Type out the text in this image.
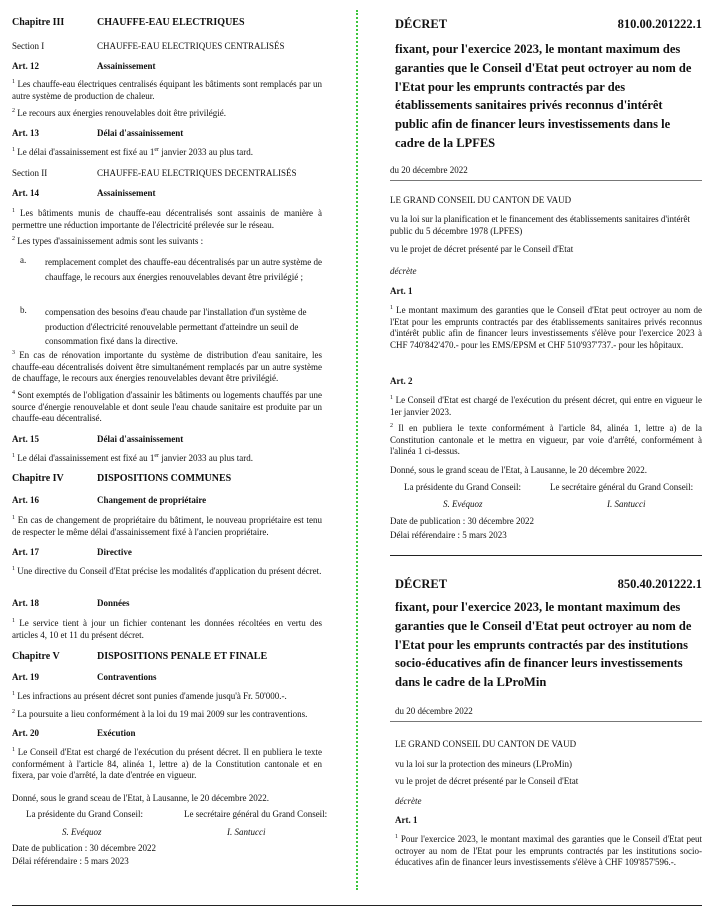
Chapitre III	CHAUFFE-EAU ELECTRIQUES
Section I	CHAUFFE-EAU ELECTRIQUES CENTRALISÉS
Art. 12	Assainissement
$^1$ Les chauffe-eau électriques centralisés équipant les bâtiments sont remplacés par un autre système de production de chaleur.
$^2$ Le recours aux énergies renouvelables doit être privilégié.
Art. 13	Délai d'assainissement
$^1$ Le délai d'assainissement est fixé au 1er janvier 2033 au plus tard.
Section II	CHAUFFE-EAU ELECTRIQUES DECENTRALISÉS
Art. 14	Assainissement
$^1$ Les bâtiments munis de chauffe-eau décentralisés sont assainis de manière à permettre une réduction importante de l'électricité prélevée sur le réseau.
$^2$ Les types d'assainissement admis sont les suivants :
a. remplacement complet des chauffe-eau décentralisés par un autre système de chauffage, le recours aux énergies renouvelables devant être privilégié ;
b. compensation des besoins d'eau chaude par l'installation d'un système de production d'électricité renouvelable permettant d'atteindre un seuil de consommation fixé dans la directive.
$^3$ En cas de rénovation importante du système de distribution d'eau sanitaire, les chauffe-eau décentralisés doivent être simultanément remplacés par un autre système de chauffage, le recours aux énergies renouvelables devant être privilégié.
$^4$ Sont exemptés de l'obligation d'assainir les bâtiments ou logements chauffés par une source d'énergie renouvelable et dont seule l'eau chaude sanitaire est produite par un chauffe-eau décentralisé.
Art. 15	Délai d'assainissement
$^1$ Le délai d'assainissement est fixé au 1er janvier 2033 au plus tard.
Chapitre IV	DISPOSITIONS COMMUNES
Art. 16	Changement de propriétaire
$^1$ En cas de changement de propriétaire du bâtiment, le nouveau propriétaire est tenu de respecter le même délai d'assainissement fixé à l'ancien propriétaire.
Art. 17	Directive
$^1$ Une directive du Conseil d'Etat précise les modalités d'application du présent décret.
Art. 18	Données
$^1$ Le service tient à jour un fichier contenant les données récoltées en vertu des articles 4, 10 et 11 du présent décret.
Chapitre V	DISPOSITIONS PENALE ET FINALE
Art. 19	Contraventions
$^1$ Les infractions au présent décret sont punies d'amende jusqu'à Fr. 50'000.-.
$^2$ La poursuite a lieu conformément à la loi du 19 mai 2009 sur les contraventions.
Art. 20	Exécution
$^1$ Le Conseil d'Etat est chargé de l'exécution du présent décret. Il en publiera le texte conformément à l'article 84, alinéa 1, lettre a) de la Constitution cantonale et en fixera, par voie d'arrêté, la date d'entrée en vigueur.
Donné, sous le grand sceau de l'Etat, à Lausanne, le 20 décembre 2022.
La présidente du Grand Conseil:	Le secrétaire général du Grand Conseil:
S. Evéquoz	I. Santucci
Date de publication : 30 décembre 2022
Délai référendaire : 5 mars 2023
DÉCRET	810.00.201222.1
fixant, pour l'exercice 2023, le montant maximum des
garanties que le Conseil d'Etat peut octroyer au nom de
l'Etat pour les emprunts contractés par des
établissements sanitaires privés reconnus d'intérêt
public afin de financer leurs investissements dans le
cadre de la LPFES
du 20 décembre 2022
LE GRAND CONSEIL DU CANTON DE VAUD
vu la loi sur la planification et le financement des établissements sanitaires d'intérêt public du 5 décembre 1978 (LPFES)
vu le projet de décret présenté par le Conseil d'Etat
décrète
Art. 1
$^1$ Le montant maximum des garanties que le Conseil d'Etat peut octroyer au nom de l'Etat pour les emprunts contractés par des établissements sanitaires privés reconnus d'intérêt public afin de financer leurs investissements s'élève pour l'exercice 2023 à CHF 740'842'470.- pour les EMS/EPSM et CHF 510'937'737.- pour les hôpitaux.
Art. 2
$^1$ Le Conseil d'Etat est chargé de l'exécution du présent décret, qui entre en vigueur le 1er janvier 2023.
$^2$ Il en publiera le texte conformément à l'article 84, alinéa 1, lettre a) de la Constitution cantonale et le mettra en vigueur, par voie d'arrêté, conformément à l'alinéa 1 ci-dessus.
Donné, sous le grand sceau de l'Etat, à Lausanne, le 20 décembre 2022.
La présidente du Grand Conseil:	Le secrétaire général du Grand Conseil:
S. Evéquoz	I. Santucci
Date de publication : 30 décembre 2022
Délai référendaire : 5 mars 2023
DÉCRET	850.40.201222.1
fixant, pour l'exercice 2023, le montant maximum des
garanties que le Conseil d'Etat peut octroyer au nom de
l'Etat pour les emprunts contractés par des institutions
socio-éducatives afin de financer leurs investissements
dans le cadre de la LProMin
du 20 décembre 2022
LE GRAND CONSEIL DU CANTON DE VAUD
vu la loi sur la protection des mineurs (LProMin)
vu le projet de décret présenté par le Conseil d'Etat
décrète
Art. 1
$^1$ Pour l'exercice 2023, le montant maximal des garanties que le Conseil d'Etat peut octroyer au nom de l'Etat pour les emprunts contractés par les institutions socio-éducatives afin de financer leurs investissements s'élève à CHF 109'857'596.-.
